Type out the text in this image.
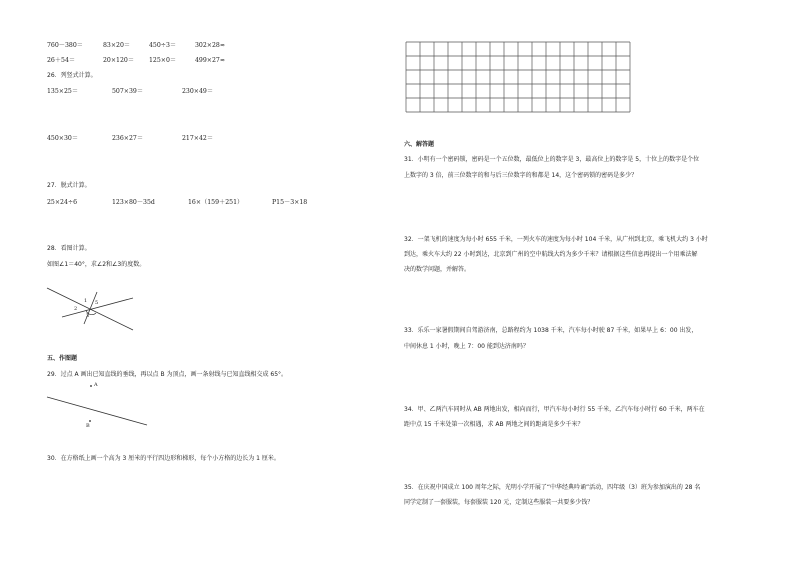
760－380＝	83×20＝	450÷3＝	302×28≈
26＋54＝	20×120＝ 125×0＝	499×27≈
26．列竖式计算。
135×25＝	507×39＝	230×49＝
450×30＝	236×27＝	217×42＝
27．脱式计算。
25×24÷6	123×80－35d	16×（159＋251）	P15－3×18
28．看图计算。
如图∠1＝40°，求∠2和∠3的度数。
1
2
3
5
五、作图题
29．过点 A 画出已知直线的垂线，再以点 B 为顶点，画一条射线与已知直线相交成 65°。
A
B
30．在方格纸上画一个高为 3 厘米的平行四边形和梯形，每个小方格的边长为 1 厘米。
六、解答题
31．小明有一个密码锁，密码是一个五位数，最低位上的数字是 3，最高位上的数字是 5，十位上的数字是个位
上数字的 3 倍，前三位数字的和与后三位数字的和都是 14，这个密码锁的密码是多少？
32．一架飞机的速度为每小时 655 千米，一列火车的速度为每小时 104 千米，从广州到北京，乘飞机大约 3 小时
到达，乘火车大约 22 小时到达，北京到广州的空中航线大约为多少千米？请根据这些信息再提出一个用乘法解
决的数学问题，并解答。
33．乐乐一家暑假期间自驾游济南，总路程约为 1038 千米，汽车每小时驶 87 千米，如果早上 6：00 出发，
中间休息 1 小时，晚上 7：00 能到达济南吗？
34．甲、乙两汽车同时从 AB 两地出发，相向而行，甲汽车每小时行 55 千米，乙汽车每小时行 60 千米，两车在
距中点 15 千米处第一次相遇，求 AB 两地之间的距离是多少千米？
35．在庆祝中国成立 100 周年之际，光明小学开展了“中华经典吟诵”活动，四年级（3）班为参加演出的 28 名
同学定制了一套服装，每套服装 120 元，定制这些服装一共要多少钱？
